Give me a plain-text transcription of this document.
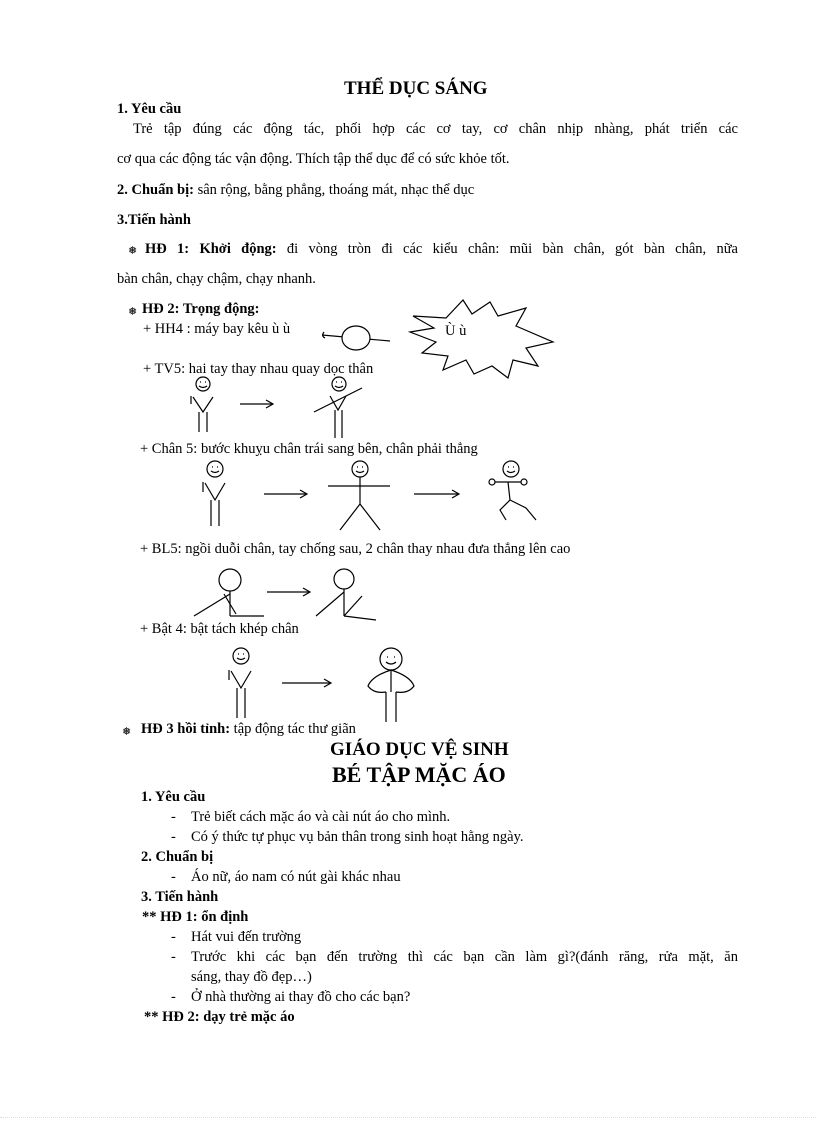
THỂ DỤC SÁNG
1. Yêu cầu
Trẻ tập đúng các động tác, phối hợp các cơ tay, cơ chân nhịp nhàng, phát triển các
cơ qua các động tác vận động. Thích tập thể dục để có sức khỏe tốt.
2. Chuẩn bị: sân rộng, bằng phẳng, thoáng mát, nhạc thể dục
3.Tiến hành
❅ HĐ 1: Khởi động: đi vòng tròn đi các kiểu chân: mũi bàn chân, gót bàn chân, nữa
bàn chân, chạy chậm, chạy nhanh.
❅ HĐ 2: Trọng động:
+ HH4 : máy bay kêu ù ù	Ù ù
+ TV5: hai tay thay nhau quay dọc thân
+ Chân 5: bước khuỵu chân trái sang bên, chân phải thẳng
+ BL5: ngồi duỗi chân, tay chống sau, 2 chân thay nhau đưa thẳng lên cao
+ Bật 4: bật tách khép chân
❅ HĐ 3 hồi tỉnh: tập động tác thư giãn
GIÁO DỤC VỆ SINH
BÉ TẬP MẶC ÁO
1. Yêu cầu
- Trẻ biết cách mặc áo và cài nút áo cho mình.
- Có ý thức tự phục vụ bản thân trong sinh hoạt hằng ngày.
2. Chuẩn bị
- Áo nữ, áo nam có nút gài khác nhau
3. Tiến hành
** HĐ 1: ổn định
- Hát vui đến trường
- Trước khi các bạn đến trường thì các bạn cần làm gì?(đánh răng, rửa mặt, ăn
sáng, thay đồ đẹp…)
- Ở nhà thường ai thay đồ cho các bạn?
** HĐ 2: dạy trẻ mặc áo
